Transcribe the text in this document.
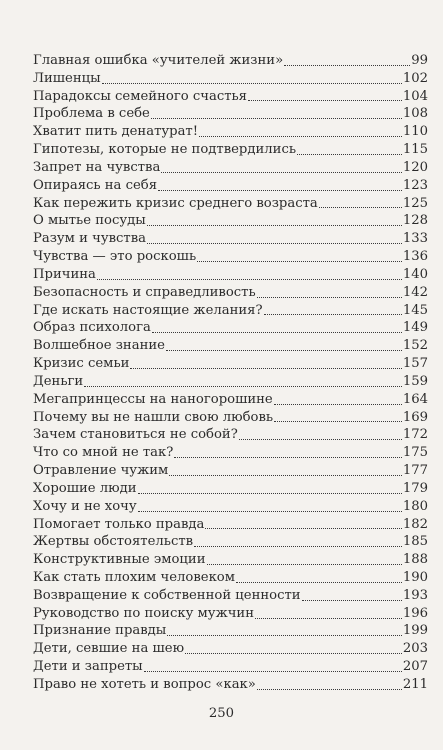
Главная ошибка «учителей жизни»	99
Лишенцы	102
Парадоксы семейного счастья	104
Проблема в себе	108
Хватит пить денатурат!	110
Гипотезы, которые не подтвердились	115
Запрет на чувства	120
Опираясь на себя	123
Как пережить кризис среднего возраста	125
О мытье посуды	128
Разум и чувства	133
Чувства — это роскошь	136
Причина	140
Безопасность и справедливость	142
Где искать настоящие желания?	145
Образ психолога	149
Волшебное знание	152
Кризис семьи	157
Деньги	159
Мегапринцессы на наногорошине	164
Почему вы не нашли свою любовь	169
Зачем становиться не собой?	172
Что со мной не так?	175
Отравление чужим	177
Хорошие люди	179
Хочу и не хочу	180
Помогает только правда	182
Жертвы обстоятельств	185
Конструктивные эмоции	188
Как стать плохим человеком	190
Возвращение к собственной ценности	193
Руководство по поиску мужчин	196
Признание правды	199
Дети, севшие на шею	203
Дети и запреты	207
Право не хотеть и вопрос «как»	211
250
